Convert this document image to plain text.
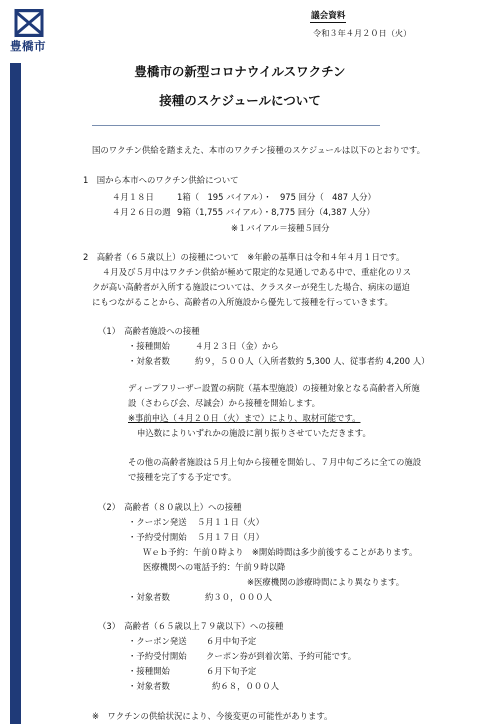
豊橋市
議会資料
令和３年４月２０日（火）
豊橋市の新型コロナウイルスワクチン
接種のスケジュールについて
国のワクチン供給を踏まえた、本市のワクチン接種のスケジュールは以下のとおりです。
1　国から本市へのワクチン供給について
４月１８日	1箱（　195 バイアル）・　975 回分（　487 人分）
４月２６日の週 9箱（1,755 バイアル）・8,775 回分（4,387 人分）
※１バイアル＝接種５回分
2　高齢者（６５歳以上）の接種について　※年齢の基準日は令和４年４月１日です。
４月及び５月中はワクチン供給が極めて限定的な見通しである中で、重症化のリス
クが高い高齢者が入所する施設については、クラスターが発生した場合、病床の逼迫
にもつながることから、高齢者の入所施設から優先して接種を行っていきます。
（1）　高齢者施設への接種
・接種開始	４月２３日（金）から
・対象者数	約９，５００人（入所者数約 5,300 人、従事者約 4,200 人）
ディープフリーザー設置の病院（基本型施設）の接種対象となる高齢者入所施
設（さわらび会、尽誠会）から接種を開始します。
※事前申込（４月２０日（火）まで）により、取材可能です。
申込数によりいずれかの施設に割り振りさせていただきます。
その他の高齢者施設は５月上旬から接種を開始し、７月中旬ごろに全ての施設
で接種を完了する予定です。
（2）　高齢者（８０歳以上）への接種
・クーポン発送 ５月１１日（火）
・予約受付開始 ５月１７日（月）
Ｗｅｂ予約：午前０時より　※開始時間は多少前後することがあります。
医療機関への電話予約：午前９時以降
※医療機関の診療時間により異なります。
・対象者数	約３０，０００人
（3）　高齢者（６５歳以上７９歳以下）への接種
・クーポン発送 ６月中旬予定
・予約受付開始 クーポン券が到着次第、予約可能です。
・接種開始	６月下旬予定
・対象者数	約６８，０００人
※　ワクチンの供給状況により、今後変更の可能性があります。
